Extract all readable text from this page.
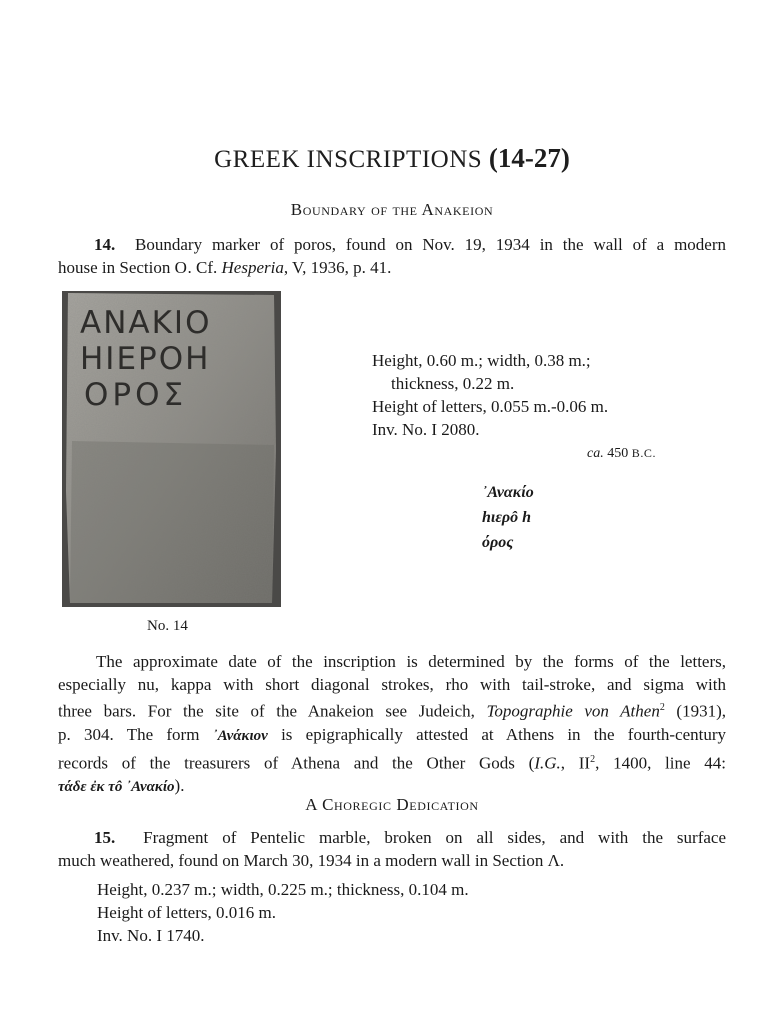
GREEK INSCRIPTIONS (14-27)
Boundary of the Anakeion
14. Boundary marker of poros, found on Nov. 19, 1934 in the wall of a modern
house in Section O. Cf. Hesperia, V, 1936, p. 41.
ΑΝΑΚΙΟ
ΗΙΕΡΟΗ
ΟΡΟΣ
No. 14
Height, 0.60 m.; width, 0.38 m.;
thickness, 0.22 m.
Height of letters, 0.055 m.-0.06 m.
Inv. No. I 2080.
ca. 450 B.C.
᾿Ανακίο
hιερô h
όρος
The approximate date of the inscription is determined by the forms of the letters,
especially nu, kappa with short diagonal strokes, rho with tail-stroke, and sigma with
three bars. For the site of the Anakeion see Judeich, Topographie von Athen$^2$ (1931),
p. 304. The form ᾿Ανάκιον is epigraphically attested at Athens in the fourth-century
records of the treasurers of Athena and the Other Gods (I.G., $II^2$, 1400, line 44:
τάδε ἐκ τô ᾿Ανακίο).
A Choregic Dedication
15. Fragment of Pentelic marble, broken on all sides, and with the surface
much weathered, found on March 30, 1934 in a modern wall in Section Λ.
Height, 0.237 m.; width, 0.225 m.; thickness, 0.104 m.
Height of letters, 0.016 m.
Inv. No. I 1740.
